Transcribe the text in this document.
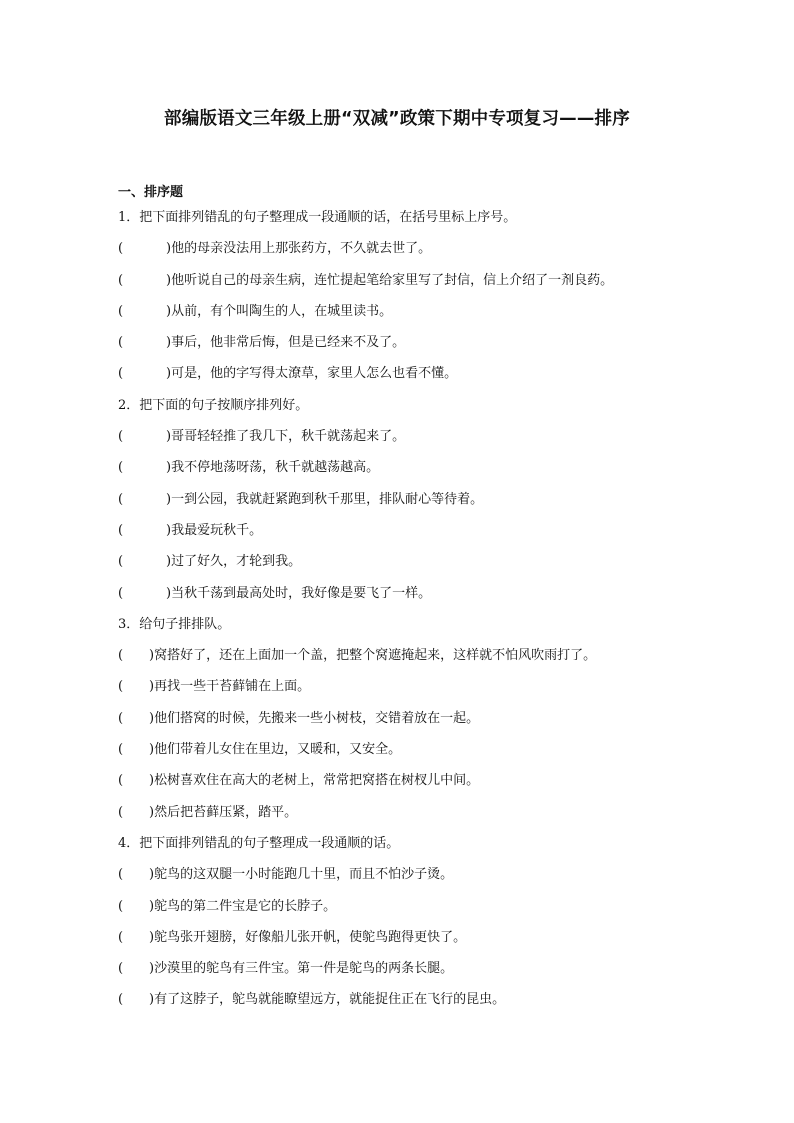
部编版语文三年级上册“双减”政策下期中专项复习——排序
一、排序题
1．把下面排列错乱的句子整理成一段通顺的话，在括号里标上序号。
(	)他的母亲没法用上那张药方，不久就去世了。
(	)他听说自己的母亲生病，连忙提起笔给家里写了封信，信上介绍了一剂良药。
(	)从前，有个叫陶生的人，在城里读书。
(	)事后，他非常后悔，但是已经来不及了。
(	)可是，他的字写得太潦草，家里人怎么也看不懂。
2．把下面的句子按顺序排列好。
(	)哥哥轻轻推了我几下，秋千就荡起来了。
(	)我不停地荡呀荡，秋千就越荡越高。
(	)一到公园，我就赶紧跑到秋千那里，排队耐心等待着。
(	)我最爱玩秋千。
(	)过了好久，才轮到我。
(	)当秋千荡到最高处时，我好像是要飞了一样。
3．给句子排排队。
( )窝搭好了，还在上面加一个盖，把整个窝遮掩起来，这样就不怕风吹雨打了。
( )再找一些干苔藓铺在上面。
( )他们搭窝的时候，先搬来一些小树枝，交错着放在一起。
( )他们带着儿女住在里边，又暖和，又安全。
( )松树喜欢住在高大的老树上，常常把窝搭在树杈儿中间。
( )然后把苔藓压紧，踏平。
4．把下面排列错乱的句子整理成一段通顺的话。
( )鸵鸟的这双腿一小时能跑几十里，而且不怕沙子烫。
( )鸵鸟的第二件宝是它的长脖子。
( )鸵鸟张开翅膀，好像船儿张开帆，使鸵鸟跑得更快了。
( )沙漠里的鸵鸟有三件宝。第一件是鸵鸟的两条长腿。
( )有了这脖子，鸵鸟就能瞭望远方，就能捉住正在飞行的昆虫。
